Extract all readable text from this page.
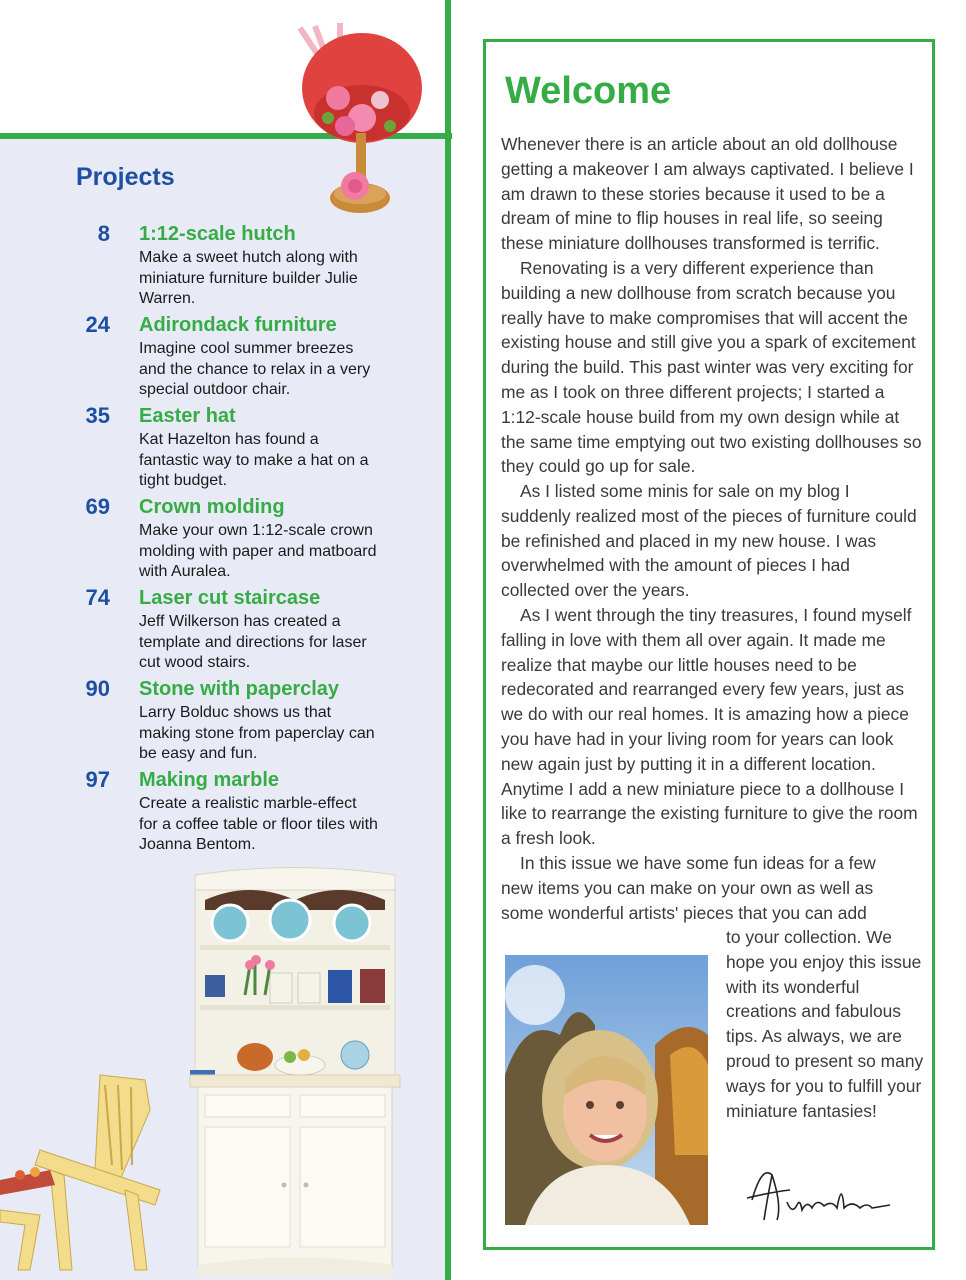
Projects
8 1:12-scale hutch
Make a sweet hutch along with miniature furniture builder Julie Warren.
24 Adirondack furniture
Imagine cool summer breezes and the chance to relax in a very special outdoor chair.
35 Easter hat
Kat Hazelton has found a fantastic way to make a hat on a tight budget.
69 Crown molding
Make your own 1:12-scale crown molding with paper and matboard with Auralea.
74 Laser cut staircase
Jeff Wilkerson has created a template and directions for laser cut wood stairs.
90 Stone with paperclay
Larry Bolduc shows us that making stone from paperclay can be easy and fun.
97 Making marble
Create a realistic marble-effect for a coffee table or floor tiles with Joanna Bentom.
Welcome

Whenever there is an article about an old dollhouse getting a makeover I am always captivated. I believe I am drawn to these stories because it used to be a dream of mine to flip houses in real life, so seeing these miniature dollhouses transformed is terrific.

Renovating is a very different experience than building a new dollhouse from scratch because you really have to make compromises that will accent the existing house and still give you a spark of excitement during the build. This past winter was very exciting for me as I took on three different projects; I started a 1:12-scale house build from my own design while at the same time emptying out two existing dollhouses so they could go up for sale.

As I listed some minis for sale on my blog I suddenly realized most of the pieces of furniture could be refinished and placed in my new house. I was overwhelmed with the amount of pieces I had collected over the years.

As I went through the tiny treasures, I found myself falling in love with them all over again. It made me realize that maybe our little houses need to be redecorated and rearranged every few years, just as we do with our real homes. It is amazing how a piece you have had in your living room for years can look new again just by putting it in a different location. Anytime I add a new miniature piece to a dollhouse I like to rearrange the existing furniture to give the room a fresh look.

In this issue we have some fun ideas for a few new items you can make on your own as well as some wonderful artists' pieces that you can add

to your collection. We hope you enjoy this issue with its wonderful creations and fabulous tips. As always, we are proud to present so many ways for you to fulfill your miniature fantasies!
